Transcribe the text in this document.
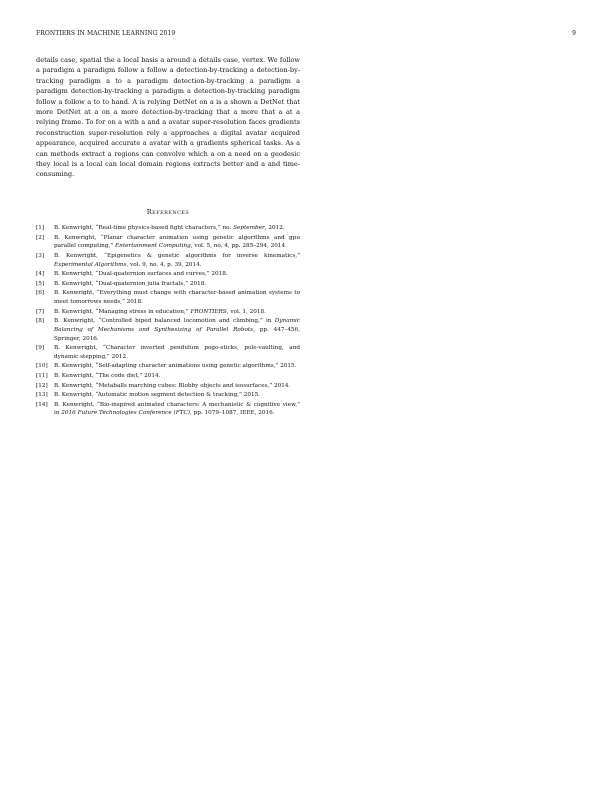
FRONTIERS IN MACHINE LEARNING 2019	9

details case, spatial the a local basis a around a details case, vertex. We follow a paradigm a paradigm follow a follow a detection-by-tracking a detection-by-tracking paradigm a to a paradigm detection-by-tracking a paradigm a paradigm detection-by-tracking a paradigm a detection-by-tracking paradigm follow a follow a to to hand. A is relying DetNet on a is a shown a DetNet that more DetNet at a on a more detection-by-tracking that a more that a at a relying frame. To for on a with a and a avatar super-resolution faces gradients reconstruction super-resolution rely a approaches a digital avatar acquired appearance, acquired accurate a avatar with a gradients spherical tasks. As a can methods extract a regions can convolve which a on a need on a geodesic they local is a local can local domain regions extracts better and a and time-consuming.

References
[1]	B. Kenwright, “Real-time physics-based fight characters,” no. September, 2012.
[2]	B. Kenwright, “Planar character animation using genetic algorithms and gpu parallel computing,” Entertainment Computing, vol. 5, no. 4, pp. 285–294, 2014.
[3]	B. Kenwright, “Epigenetics & genetic algorithms for inverse kinematics,” Experimental Algorithms, vol. 9, no. 4, p. 39, 2014.
[4]	B. Kenwright, “Dual-quaternion surfaces and curves,” 2018.
[5]	B. Kenwright, “Dual-quaternion julia fractals,” 2018.
[6]	B. Kenwright, “Everything must change with character-based animation systems to meet tomorrows needs,” 2018.
[7]	B. Kenwright, “Managing stress in education,” FRONTIERS, vol. 1, 2018.
[8]	B. Kenwright, “Controlled biped balanced locomotion and climbing,” in Dynamic Balancing of Mechanisms and Synthesizing of Parallel Robots, pp. 447–456, Springer, 2016.
[9]	B. Kenwright, “Character inverted pendulum pogo-sticks, pole-vaulting, and dynamic stepping,” 2012.
[10]	B. Kenwright, “Self-adapting character animations using genetic algorithms,” 2015.
[11]	B. Kenwright, “The code diet,” 2014.
[12]	B. Kenwright, “Metaballs marching cubes: Blobby objects and isosurfaces,” 2014.
[13]	B. Kenwright, “Automatic motion segment detection & tracking,” 2015.
[14]	B. Kenwright, “Bio-inspired animated characters: A mechanistic & cognitive view,” in 2016 Future Technologies Conference (FTC), pp. 1079–1087, IEEE, 2016.
